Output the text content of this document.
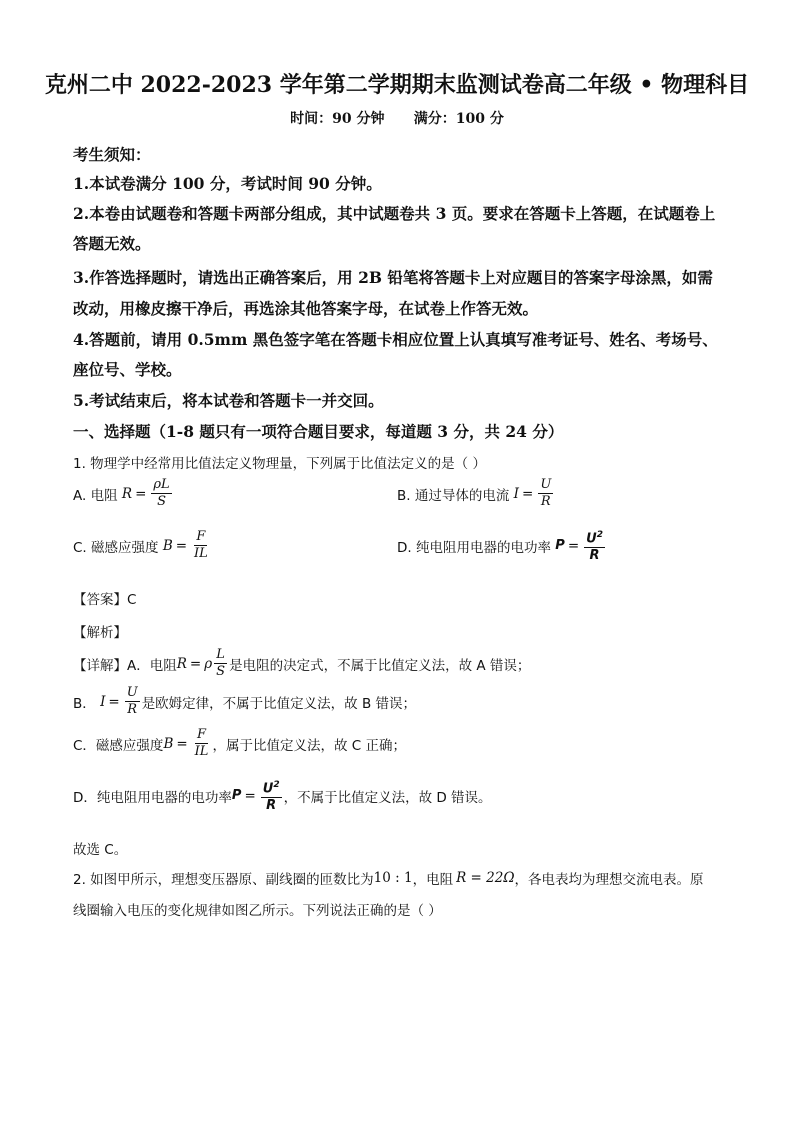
克州二中 2022-2023 学年第二学期期末监测试卷高二年级 • 物理科目
时间：90 分钟 满分：100 分
考生须知：
1.本试卷满分 100 分，考试时间 90 分钟。
2.本卷由试题卷和答题卡两部分组成，其中试题卷共 3 页。要求在答题卡上答题，在试题卷上
答题无效。
3.作答选择题时，请选出正确答案后，用 2B 铅笔将答题卡上对应题目的答案字母涂黑，如需
改动，用橡皮擦干净后，再选涂其他答案字母，在试卷上作答无效。
4.答题前，请用 0.5mm 黑色签字笔在答题卡相应位置上认真填写准考证号、姓名、考场号、
座位号、学校。
5.考试结束后，将本试卷和答题卡一并交回。
一、选择题（1-8 题只有一项符合题目要求，每道题 3 分，共 24 分）
1. 物理学中经常用比值法定义物理量，下列属于比值法定义的是（ ）
A. 电阻
$R = \frac{\rho L}{S}$	B. 通过导体的电流
$I = \frac{U}{R}$
C. 磁感应强度
$B = \frac{F}{IL}$	D. 纯电阻用电器的电功率
$P = \frac{U^2}{R}$
【答案】C
【解析】
【详解】 A．电阻 R = ρ $\frac{L}{S}$ 是电阻的决定式，不属于比值定义法，故 A 错误；
B．
$I = \frac{U}{R}$ 是欧姆定律，不属于比值定义法，故 B 错误；
C．磁感应强度 $B = \frac{F}{IL}$ ，属于比值定义法，故 C 正确；
D．纯电阻用电器的电功率 $P = \frac{U^2}{R}$ ，不属于比值定义法，故 D 错误。
故选 C。
2. 如图甲所示，理想变压器原、副线圈的匝数比为 10 : 1 ，电阻 R = 22Ω ，各电表均为理想交流电表。原
线圈输入电压的变化规律如图乙所示。下列说法正确的是（ ）
